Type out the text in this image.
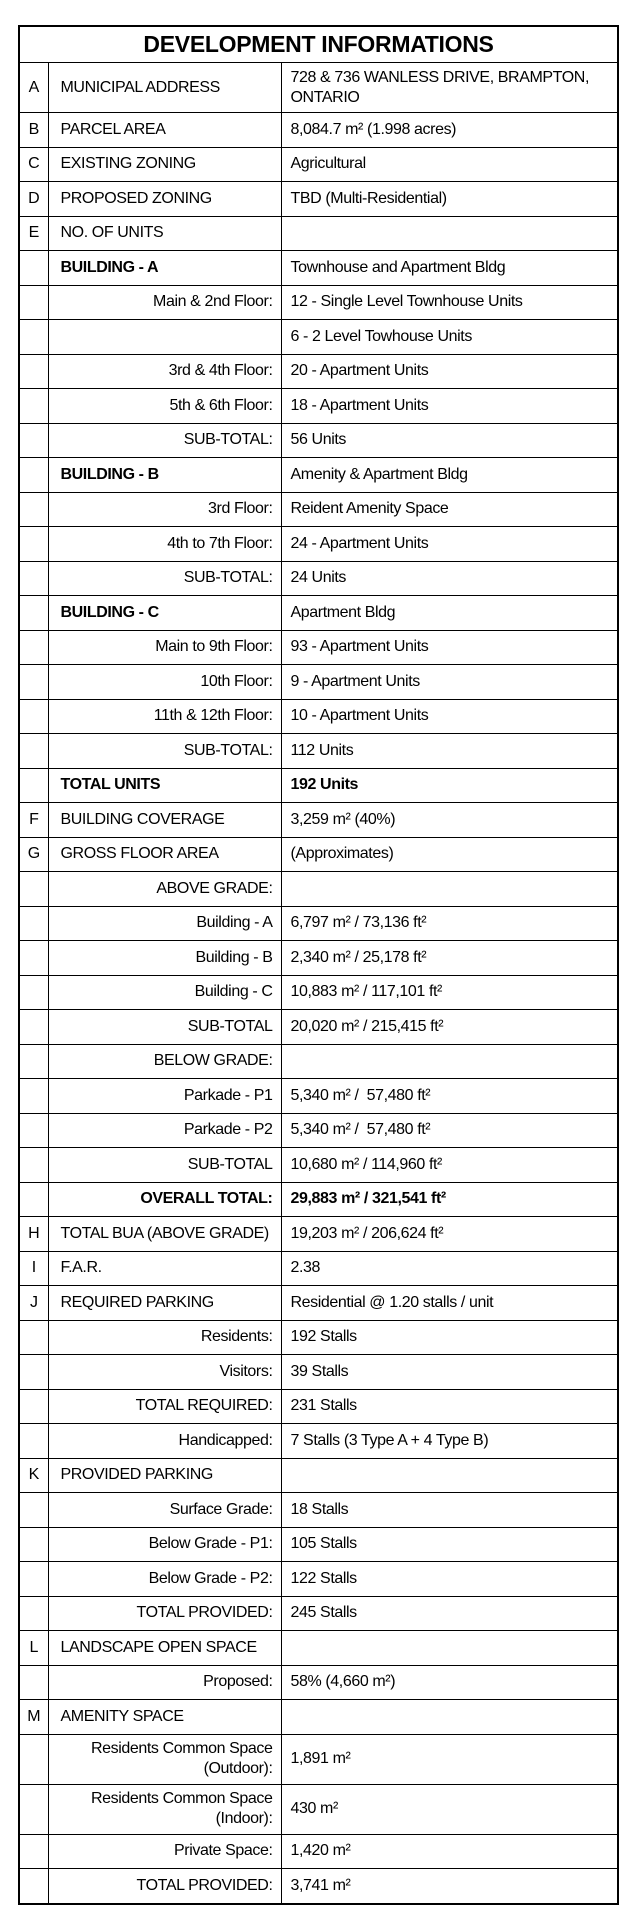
DEVELOPMENT INFORMATIONS		
A	MUNICIPAL ADDRESS	728 & 736 WANLESS DRIVE, BRAMPTON, ONTARIO
B	PARCEL AREA	8,084.7 m² (1.998 acres)
C	EXISTING ZONING	Agricultural
D	PROPOSED ZONING	TBD (Multi-Residential)
E	NO. OF UNITS	
	BUILDING - A	Townhouse and Apartment Bldg
	Main & 2nd Floor:	12 - Single Level Townhouse Units
		6 - 2 Level Towhouse Units
	3rd & 4th Floor:	20 - Apartment Units
	5th & 6th Floor:	18 - Apartment Units
	SUB-TOTAL:	56 Units
	BUILDING - B	Amenity & Apartment Bldg
	3rd Floor:	Reident Amenity Space
	4th to 7th Floor:	24 - Apartment Units
	SUB-TOTAL:	24 Units
	BUILDING - C	Apartment Bldg
	Main to 9th Floor:	93 - Apartment Units
	10th Floor:	9 - Apartment Units
	11th & 12th Floor:	10 - Apartment Units
	SUB-TOTAL:	112 Units
	TOTAL UNITS	192 Units
F	BUILDING COVERAGE	3,259 m² (40%)
G	GROSS FLOOR AREA	(Approximates)
	ABOVE GRADE:	
	Building - A	6,797 m² / 73,136 ft²
	Building - B	2,340 m² / 25,178 ft²
	Building - C	10,883 m² / 117,101 ft²
	SUB-TOTAL	20,020 m² / 215,415 ft²
	BELOW GRADE:	
	Parkade - P1	5,340 m² /  57,480 ft²
	Parkade - P2	5,340 m² /  57,480 ft²
	SUB-TOTAL	10,680 m² / 114,960 ft²
	OVERALL TOTAL:	29,883 m² / 321,541 ft²
H	TOTAL BUA (ABOVE GRADE)	19,203 m² / 206,624 ft²
I	F.A.R.	2.38
J	REQUIRED PARKING	Residential @ 1.20 stalls / unit
	Residents:	192 Stalls
	Visitors:	39 Stalls
	TOTAL REQUIRED:	231 Stalls
	Handicapped:	7 Stalls (3 Type A + 4 Type B)
K	PROVIDED PARKING	
	Surface Grade:	18 Stalls
	Below Grade - P1:	105 Stalls
	Below Grade - P2:	122 Stalls
	TOTAL PROVIDED:	245 Stalls
L	LANDSCAPE OPEN SPACE	
	Proposed:	58% (4,660 m²)
M	AMENITY SPACE	
	Residents Common Space (Outdoor):	1,891 m²
	Residents Common Space (Indoor):	430 m²
	Private Space:	1,420 m²
	TOTAL PROVIDED:	3,741 m²
